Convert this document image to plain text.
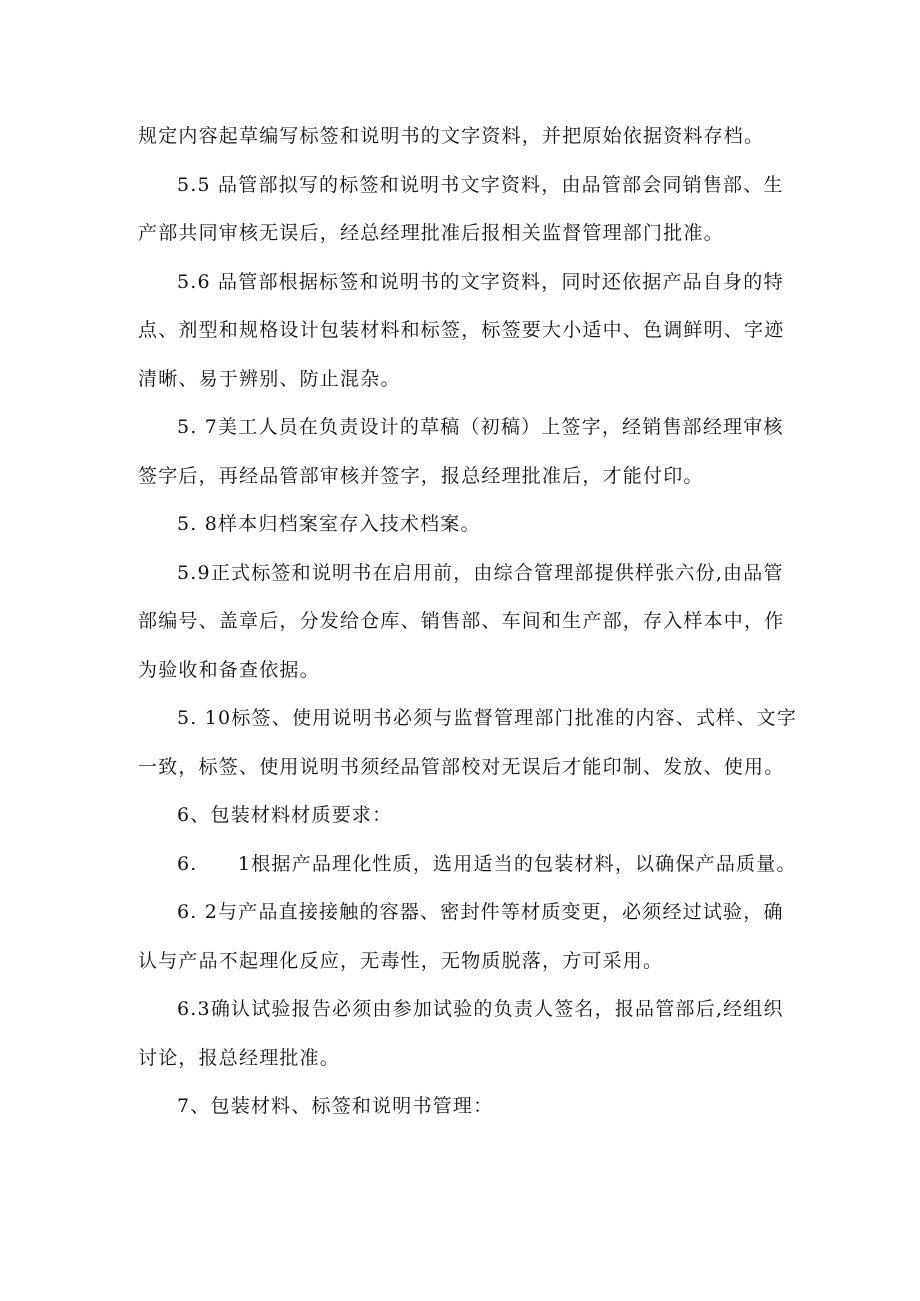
规定内容起草编写标签和说明书的文字资料，并把原始依据资料存档。

5.5 品管部拟写的标签和说明书文字资料，由品管部会同销售部、生产部共同审核无误后，经总经理批准后报相关监督管理部门批准。

5.6 品管部根据标签和说明书的文字资料，同时还依据产品自身的特点、剂型和规格设计包装材料和标签，标签要大小适中、色调鲜明、字迹清晰、易于辨别、防止混杂。

5. 7美工人员在负责设计的草稿（初稿）上签字，经销售部经理审核签字后，再经品管部审核并签字，报总经理批准后，才能付印。

5. 8样本归档案室存入技术档案。

5.9正式标签和说明书在启用前，由综合管理部提供样张六份,由品管部编号、盖章后，分发给仓库、销售部、车间和生产部，存入样本中，作为验收和备查依据。

5. 10标签、使用说明书必须与监督管理部门批准的内容、式样、文字一致，标签、使用说明书须经品管部校对无误后才能印制、发放、使用。

6、包装材料材质要求：

6.　　1根据产品理化性质，选用适当的包装材料，以确保产品质量。

6. 2与产品直接接触的容器、密封件等材质变更，必须经过试验，确认与产品不起理化反应，无毒性，无物质脱落，方可采用。

6.3确认试验报告必须由参加试验的负责人签名，报品管部后,经组织讨论，报总经理批准。

7、包装材料、标签和说明书管理：
